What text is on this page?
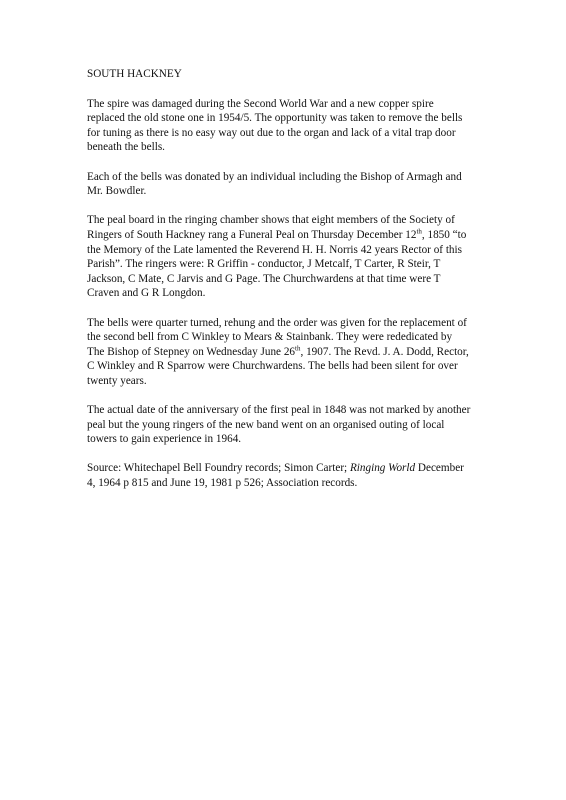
SOUTH HACKNEY

The spire was damaged during the Second World War and a new copper spire
replaced the old stone one in 1954/5. The opportunity was taken to remove the bells
for tuning as there is no easy way out due to the organ and lack of a vital trap door
beneath the bells.

Each of the bells was donated by an individual including the Bishop of Armagh and
Mr. Bowdler.

The peal board in the ringing chamber shows that eight members of the Society of
Ringers of South Hackney rang a Funeral Peal on Thursday December 12th, 1850 “to
the Memory of the Late lamented the Reverend H. H. Norris 42 years Rector of this
Parish”. The ringers were: R Griffin - conductor, J Metcalf, T Carter, R Steir, T
Jackson, C Mate, C Jarvis and G Page. The Churchwardens at that time were T
Craven and G R Longdon.

The bells were quarter turned, rehung and the order was given for the replacement of
the second bell from C Winkley to Mears & Stainbank. They were rededicated by
The Bishop of Stepney on Wednesday June 26th, 1907. The Revd. J. A. Dodd, Rector,
C Winkley and R Sparrow were Churchwardens. The bells had been silent for over
twenty years.

The actual date of the anniversary of the first peal in 1848 was not marked by another
peal but the young ringers of the new band went on an organised outing of local
towers to gain experience in 1964.

Source: Whitechapel Bell Foundry records; Simon Carter; Ringing World December
4, 1964 p 815 and June 19, 1981 p 526; Association records.
